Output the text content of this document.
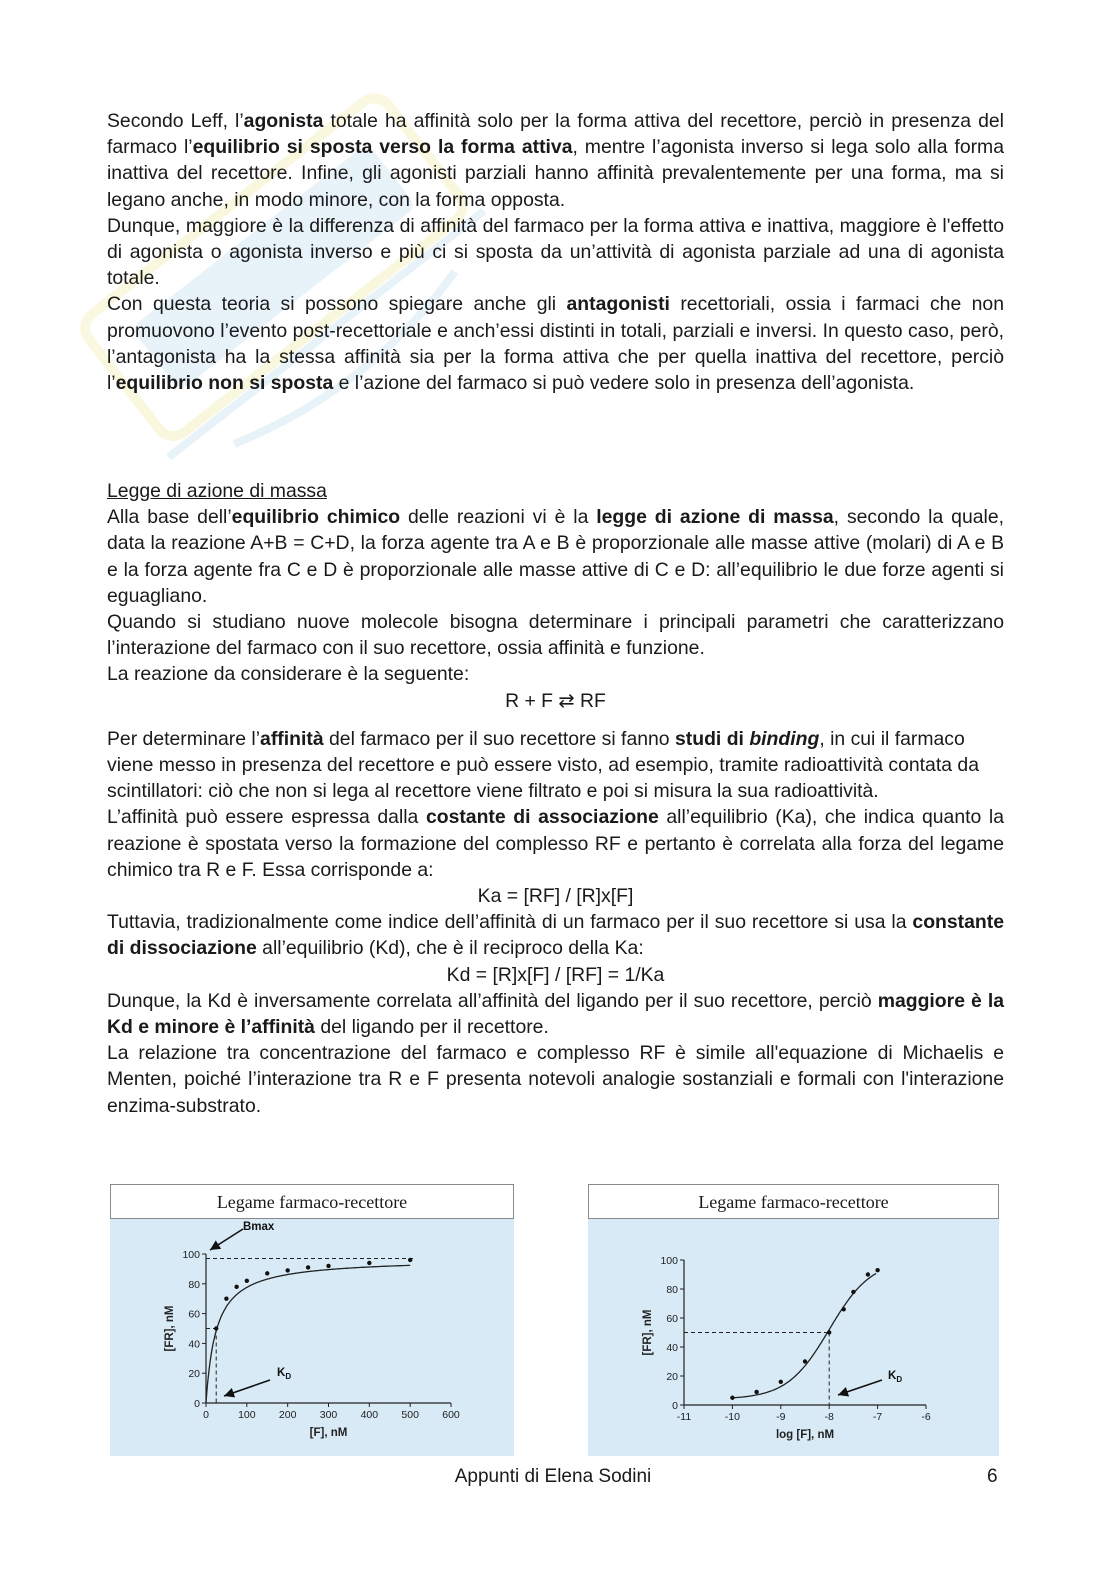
Secondo Leff, l’agonista totale ha affinità solo per la forma attiva del recettore, perciò in presenza del farmaco l’equilibrio si sposta verso la forma attiva, mentre l’agonista inverso si lega solo alla forma inattiva del recettore. Infine, gli agonisti parziali hanno affinità prevalentemente per una forma, ma si legano anche, in modo minore, con la forma opposta.

Dunque, maggiore è la differenza di affinità del farmaco per la forma attiva e inattiva, maggiore è l'effetto di agonista o agonista inverso e più ci si sposta da un’attività di agonista parziale ad una di agonista totale.

Con questa teoria si possono spiegare anche gli antagonisti recettoriali, ossia i farmaci che non promuovono l’evento post-recettoriale e anch’essi distinti in totali, parziali e inversi. In questo caso, però, l’antagonista ha la stessa affinità sia per la forma attiva che per quella inattiva del recettore, perciò l’equilibrio non si sposta e l’azione del farmaco si può vedere solo in presenza dell’agonista.

Legge di azione di massa

Alla base dell’equilibrio chimico delle reazioni vi è la legge di azione di massa, secondo la quale, data la reazione A+B = C+D, la forza agente tra A e B è proporzionale alle masse attive (molari) di A e B e la forza agente fra C e D è proporzionale alle masse attive di C e D: all’equilibrio le due forze agenti si eguagliano.

Quando si studiano nuove molecole bisogna determinare i principali parametri che caratterizzano l’interazione del farmaco con il suo recettore, ossia affinità e funzione.

La reazione da considerare è la seguente:

R + F ⇄ RF

Per determinare l’affinità del farmaco per il suo recettore si fanno studi di binding, in cui il farmaco viene messo in presenza del recettore e può essere visto, ad esempio, tramite radioattività contata da scintillatori: ciò che non si lega al recettore viene filtrato e poi si misura la sua radioattività.

L’affinità può essere espressa dalla costante di associazione all’equilibrio (Ka), che indica quanto la reazione è spostata verso la formazione del complesso RF e pertanto è correlata alla forza del legame chimico tra R e F. Essa corrisponde a:

Ka = [RF] / [R]x[F]

Tuttavia, tradizionalmente come indice dell’affinità di un farmaco per il suo recettore si usa la constante di dissociazione all’equilibrio (Kd), che è il reciproco della Ka:

Kd = [R]x[F] / [RF] = 1/Ka

Dunque, la Kd è inversamente correlata all’affinità del ligando per il suo recettore, perciò maggiore è la Kd e minore è l’affinità del ligando per il recettore.

La relazione tra concentrazione del farmaco e complesso RF è simile all'equazione di Michaelis e Menten, poiché l’interazione tra R e F presenta notevoli analogie sostanziali e formali con l'interazione enzima-substrato.

Legame farmaco-recettore
0	100 200 300 400 500 600
0
20
40
60
80
100
[F], nM
[FR], nM
Bmax
$K_D$
Legame farmaco-recettore
-11	-10	-9	-8	-7	-6
0
20
40
60
80
100
log [F], nM
[FR], nM
$K_D$
Appunti di Elena Sodini	6
